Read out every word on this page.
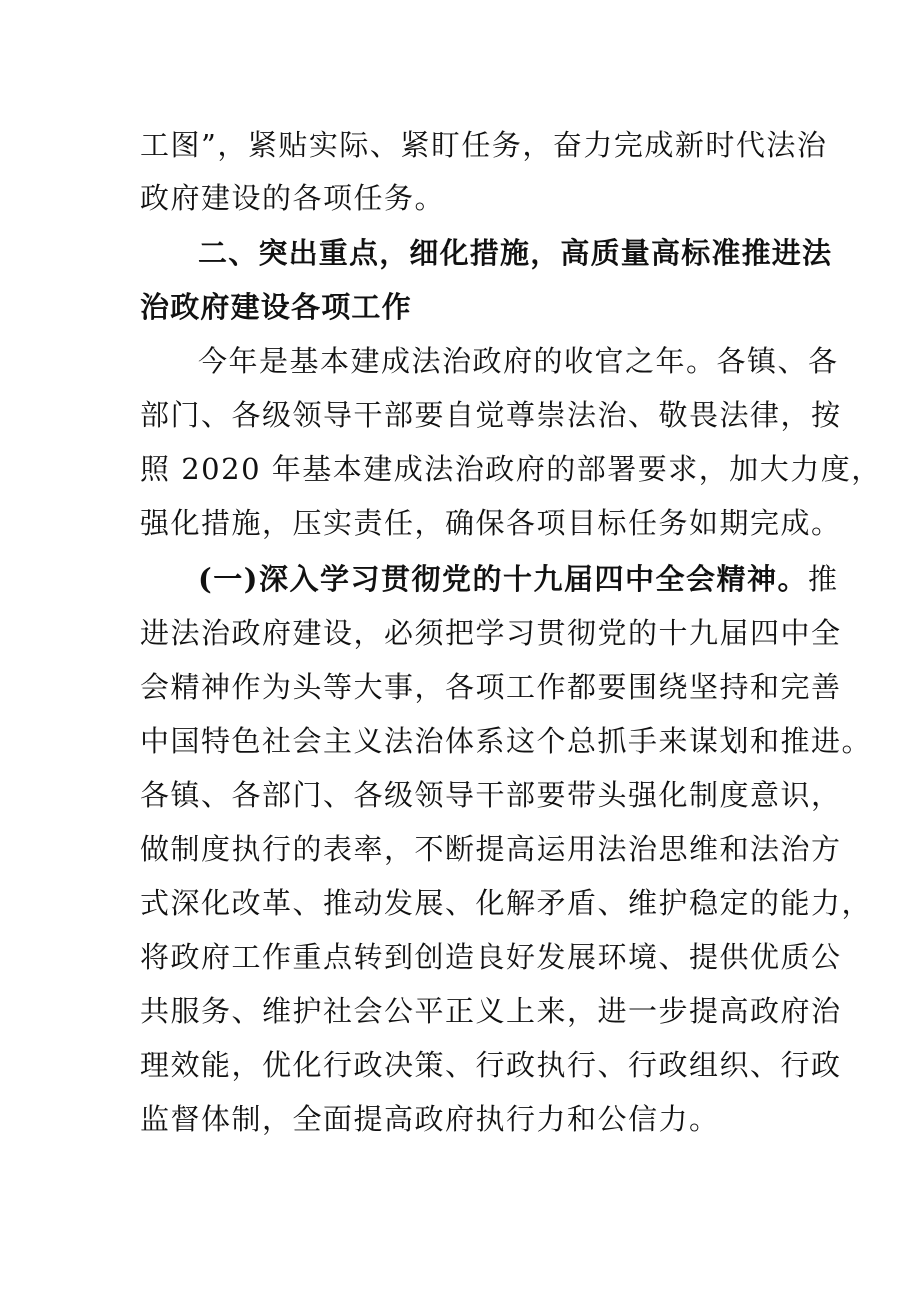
工图”，紧贴实际、紧盯任务，奋力完成新时代法治
政府建设的各项任务。
二、突出重点，细化措施，高质量高标准推进法
治政府建设各项工作
今年是基本建成法治政府的收官之年。各镇、各
部门、各级领导干部要自觉尊崇法治、敬畏法律，按
照 2020 年基本建成法治政府的部署要求，加大力度，
强化措施，压实责任，确保各项目标任务如期完成。
(一)深入学习贯彻党的十九届四中全会精神。推
进法治政府建设，必须把学习贯彻党的十九届四中全
会精神作为头等大事，各项工作都要围绕坚持和完善
中国特色社会主义法治体系这个总抓手来谋划和推进。
各镇、各部门、各级领导干部要带头强化制度意识，
做制度执行的表率，不断提高运用法治思维和法治方
式深化改革、推动发展、化解矛盾、维护稳定的能力，
将政府工作重点转到创造良好发展环境、提供优质公
共服务、维护社会公平正义上来，进一步提高政府治
理效能，优化行政决策、行政执行、行政组织、行政
监督体制，全面提高政府执行力和公信力。
